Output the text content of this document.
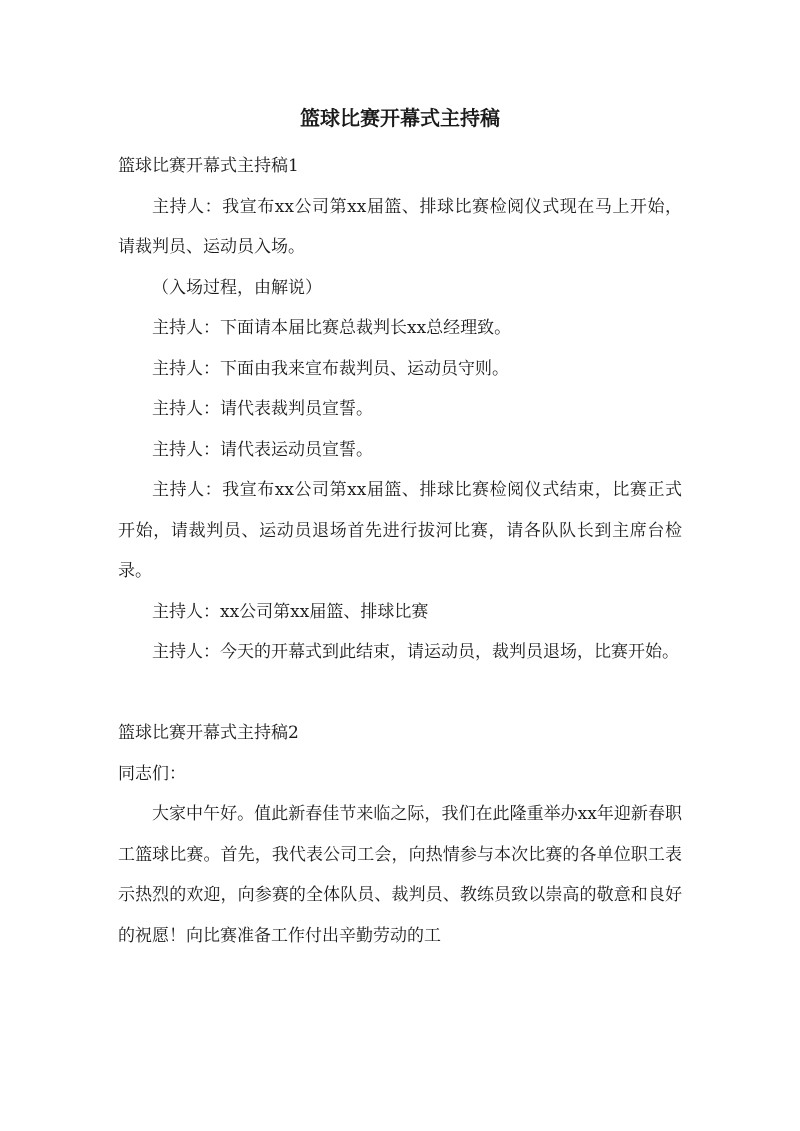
篮球比赛开幕式主持稿

篮球比赛开幕式主持稿1

主持人：我宣布xx公司第xx届篮、排球比赛检阅仪式现在马上开始，请裁判员、运动员入场。

（入场过程，由解说）

主持人：下面请本届比赛总裁判长xx总经理致。

主持人：下面由我来宣布裁判员、运动员守则。

主持人：请代表裁判员宣誓。

主持人：请代表运动员宣誓。

主持人：我宣布xx公司第xx届篮、排球比赛检阅仪式结束，比赛正式开始，请裁判员、运动员退场首先进行拔河比赛，请各队队长到主席台检录。

主持人：xx公司第xx届篮、排球比赛

主持人：今天的开幕式到此结束，请运动员，裁判员退场，比赛开始。

篮球比赛开幕式主持稿2

同志们：

大家中午好。值此新春佳节来临之际，我们在此隆重举办xx年迎新春职工篮球比赛。首先，我代表公司工会，向热情参与本次比赛的各单位职工表示热烈的欢迎，向参赛的全体队员、裁判员、教练员致以崇高的敬意和良好的祝愿！向比赛准备工作付出辛勤劳动的工
